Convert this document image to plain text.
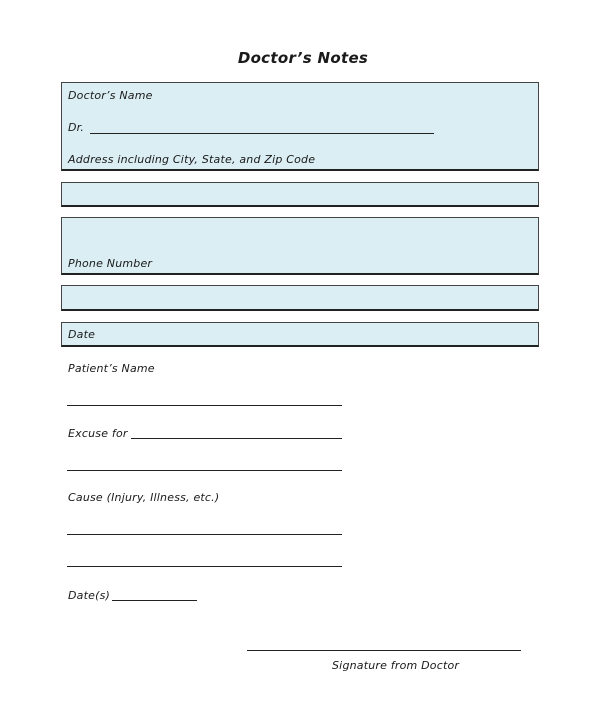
Doctor’s Notes
Doctor’s Name
Dr.
Address including City, State, and Zip Code
Phone Number
Date
Patient’s Name
Excuse for
Cause (Injury, Illness, etc.)
Date(s)
Signature from Doctor
